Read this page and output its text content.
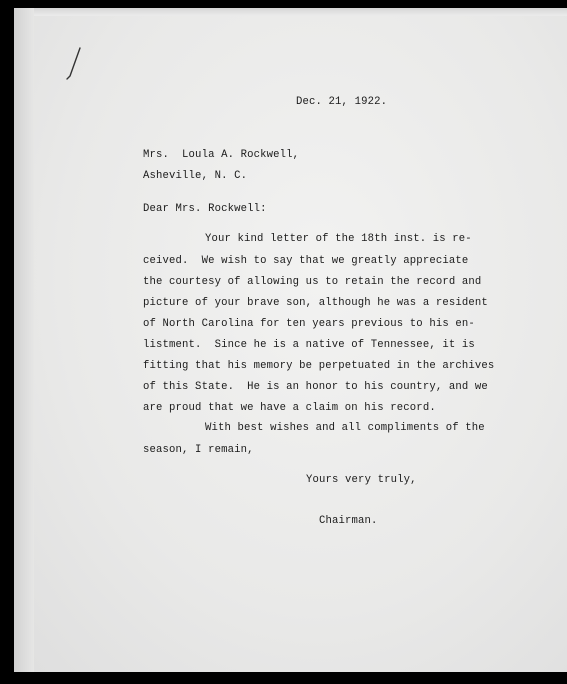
Dec. 21, 1922.
Mrs.  Loula A. Rockwell,
Asheville, N. C.
Dear Mrs. Rockwell:
Your kind letter of the 18th inst. is re-
ceived.  We wish to say that we greatly appreciate
the courtesy of allowing us to retain the record and
picture of your brave son, although he was a resident
of North Carolina for ten years previous to his en-
listment.  Since he is a native of Tennessee, it is
fitting that his memory be perpetuated in the archives
of this State.  He is an honor to his country, and we
are proud that we have a claim on his record.
With best wishes and all compliments of the
season, I remain,
Yours very truly,
Chairman.
